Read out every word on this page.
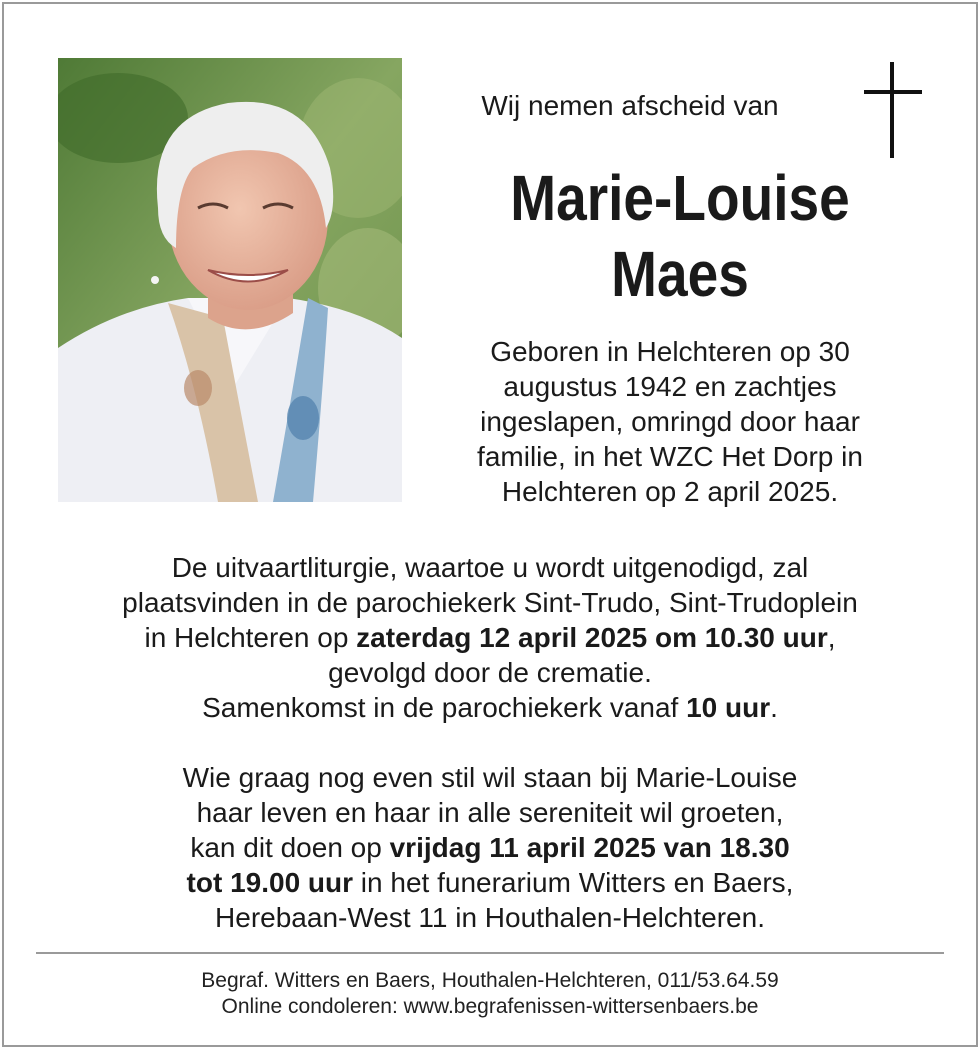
Wij nemen afscheid van
Marie-Louise
Maes
Geboren in Helchteren op 30
augustus 1942 en zachtjes
ingeslapen, omringd door haar
familie, in het WZC Het Dorp in
Helchteren op 2 april 2025.
De uitvaartliturgie, waartoe u wordt uitgenodigd, zal
plaatsvinden in de parochiekerk Sint-Trudo, Sint-Trudoplein
in Helchteren op zaterdag 12 april 2025 om 10.30 uur,
gevolgd door de crematie.
Samenkomst in de parochiekerk vanaf 10 uur.
Wie graag nog even stil wil staan bij Marie-Louise
haar leven en haar in alle sereniteit wil groeten,
kan dit doen op vrijdag 11 april 2025 van 18.30
tot 19.00 uur in het funerarium Witters en Baers,
Herebaan-West 11 in Houthalen-Helchteren.
Begraf. Witters en Baers, Houthalen-Helchteren, 011/53.64.59
Online condoleren: www.begrafenissen-wittersenbaers.be
